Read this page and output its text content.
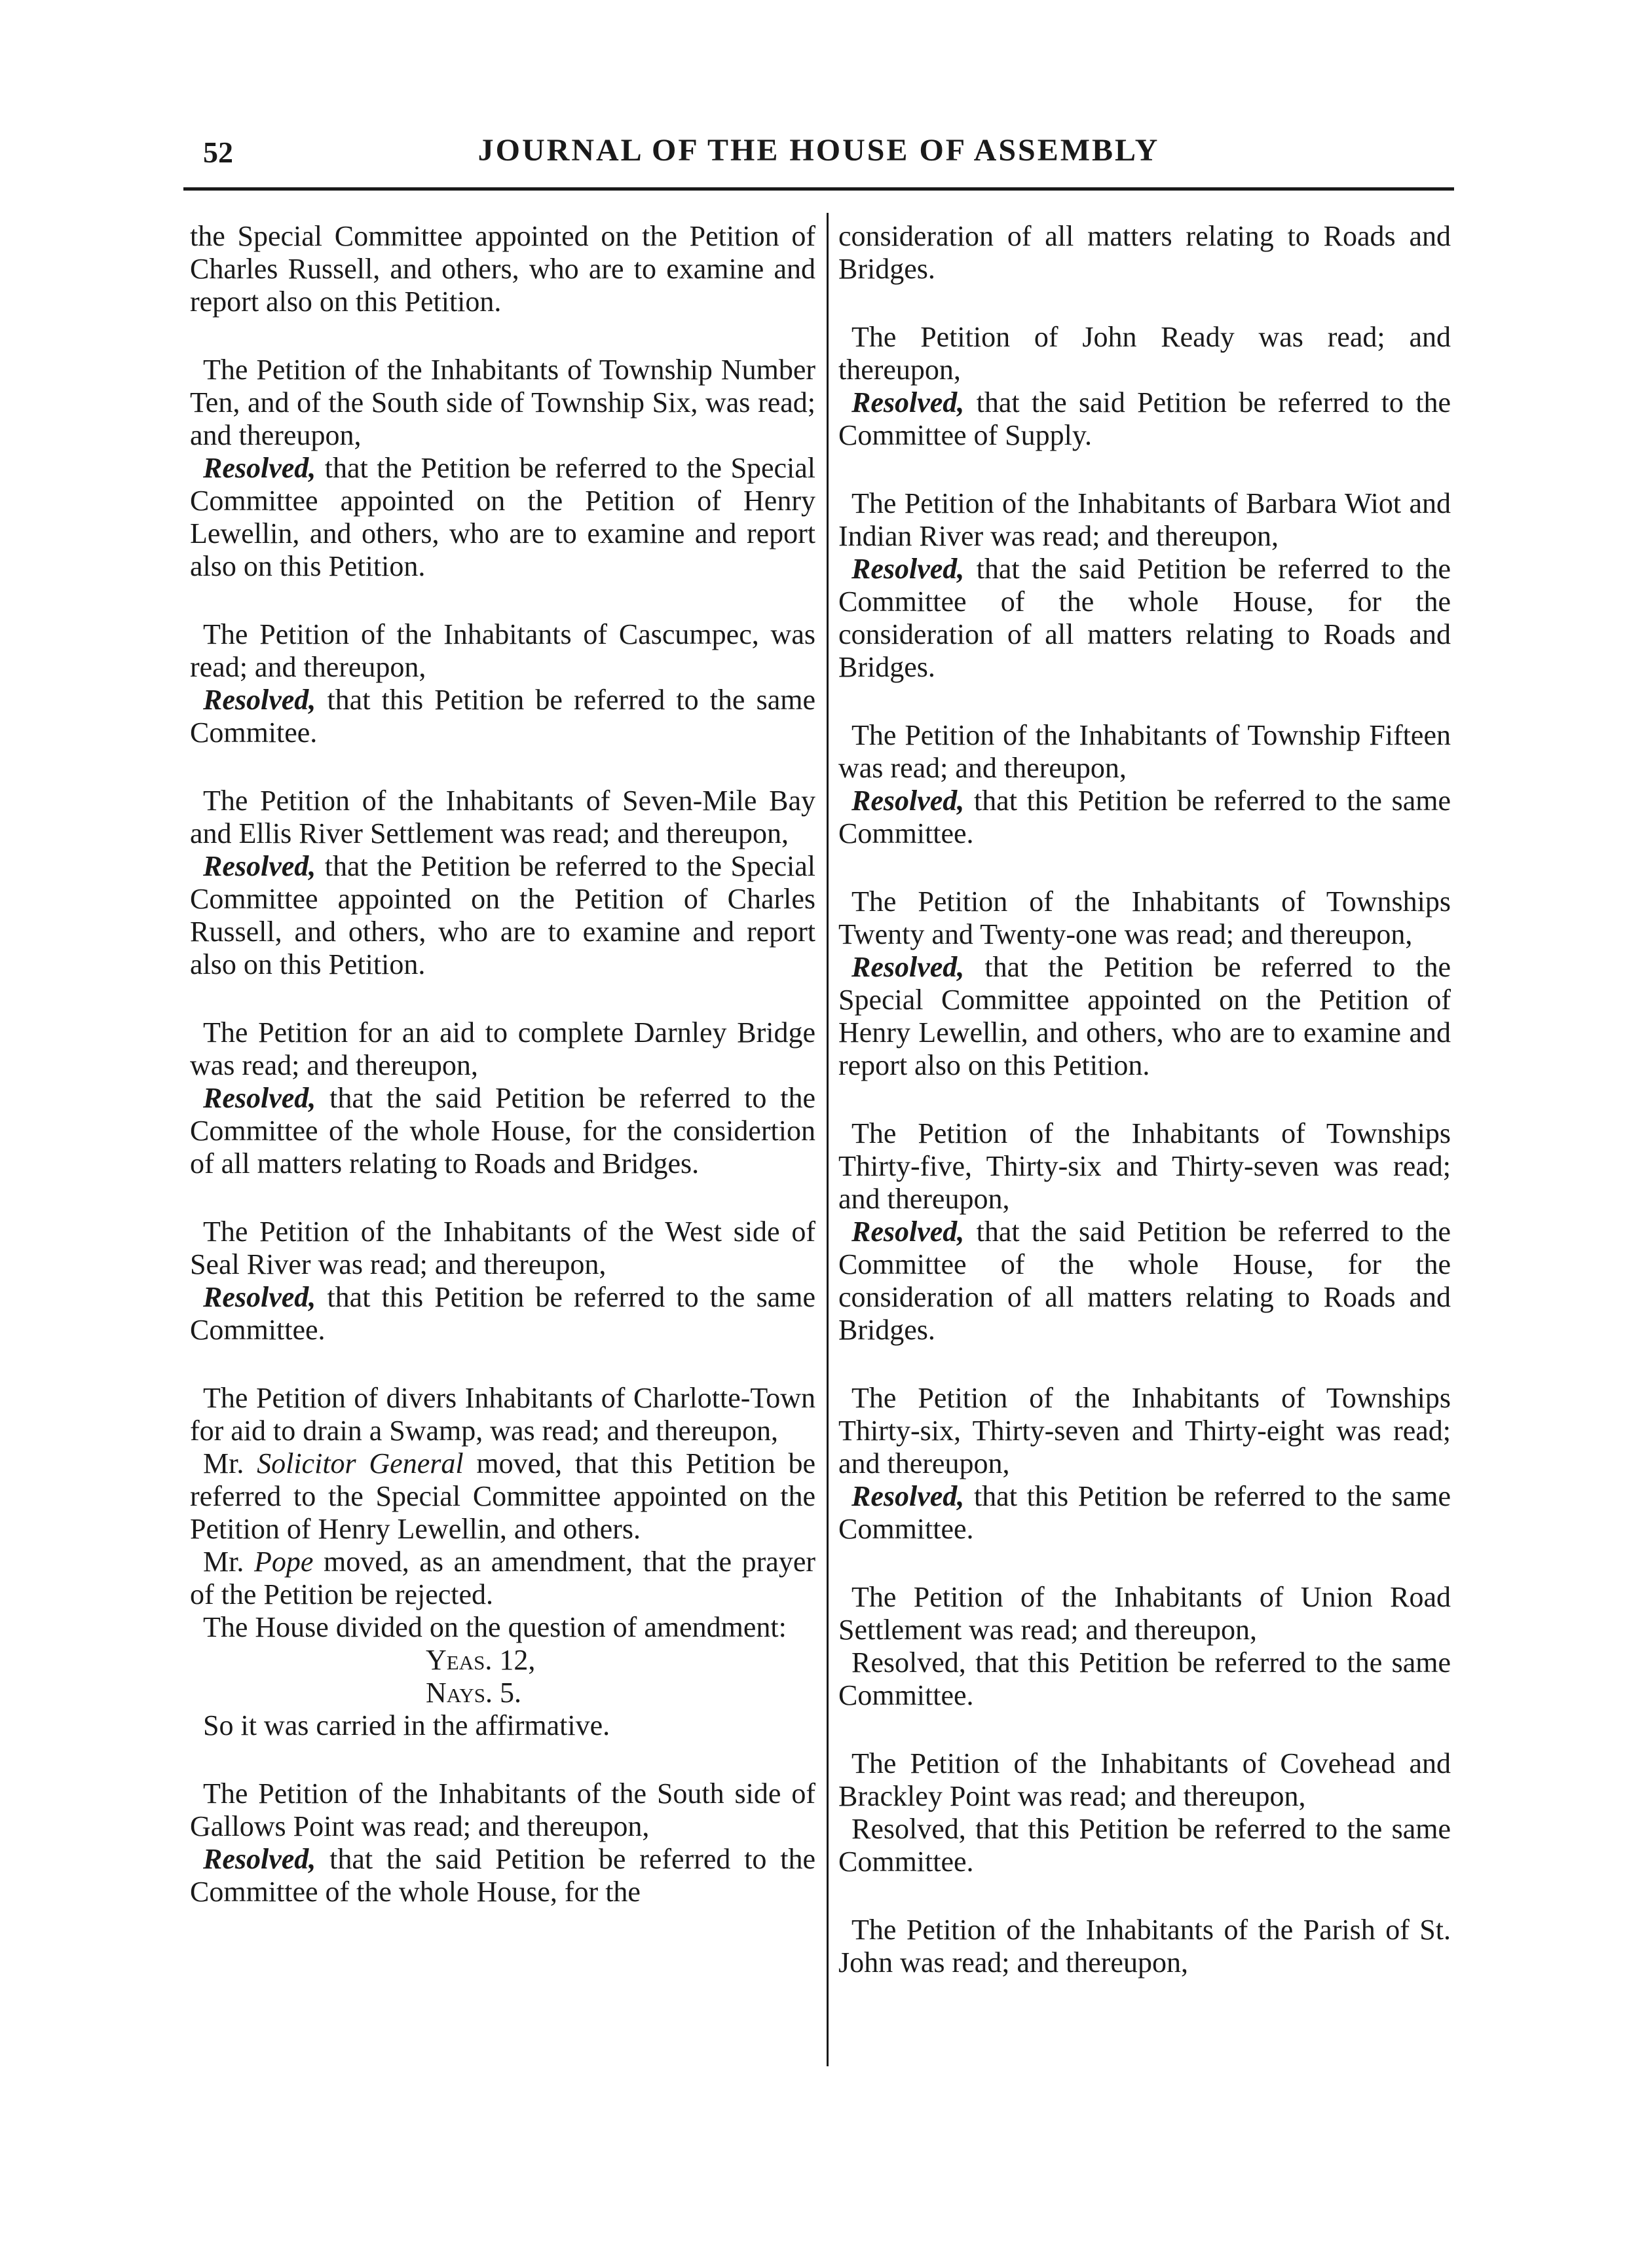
52	JOURNAL OF THE HOUSE OF ASSEMBLY

the Special Committee appointed on the Petition of Charles Russell, and others, who are to examine and report also on this Petition.

The Petition of the Inhabitants of Township Number Ten, and of the South side of Township Six, was read; and thereupon,

Resolved, that the Petition be referred to the Special Committee appointed on the Petition of Henry Lewellin, and others, who are to examine and report also on this Petition.

The Petition of the Inhabitants of Cascumpec, was read; and thereupon,

Resolved, that this Petition be referred to the same Commitee.

The Petition of the Inhabitants of Seven-Mile Bay and Ellis River Settlement was read; and thereupon,

Resolved, that the Petition be referred to the Special Committee appointed on the Petition of Charles Russell, and others, who are to examine and report also on this Petition.

The Petition for an aid to complete Darnley Bridge was read; and thereupon,

Resolved, that the said Petition be referred to the Committee of the whole House, for the considertion of all matters relating to Roads and Bridges.

The Petition of the Inhabitants of the West side of Seal River was read; and thereupon,

Resolved, that this Petition be referred to the same Committee.

The Petition of divers Inhabitants of Charlotte-Town for aid to drain a Swamp, was read; and thereupon,

Mr. Solicitor General moved, that this Petition be referred to the Special Committee appointed on the Petition of Henry Lewellin, and others.

Mr. Pope moved, as an amendment, that the prayer of the Petition be rejected.

The House divided on the question of amendment:

Yeas. 12,

Nays. 5.

So it was carried in the affirmative.

The Petition of the Inhabitants of the South side of Gallows Point was read; and thereupon,

Resolved, that the said Petition be referred to the Committee of the whole House, for the

consideration of all matters relating to Roads and Bridges.

The Petition of John Ready was read; and thereupon,

Resolved, that the said Petition be referred to the Committee of Supply.

The Petition of the Inhabitants of Barbara Wiot and Indian River was read; and thereupon,

Resolved, that the said Petition be referred to the Committee of the whole House, for the consideration of all matters relating to Roads and Bridges.

The Petition of the Inhabitants of Township Fifteen was read; and thereupon,

Resolved, that this Petition be referred to the same Committee.

The Petition of the Inhabitants of Townships Twenty and Twenty-one was read; and thereupon,

Resolved, that the Petition be referred to the Special Committee appointed on the Petition of Henry Lewellin, and others, who are to examine and report also on this Petition.

The Petition of the Inhabitants of Townships Thirty-five, Thirty-six and Thirty-seven was read; and thereupon,

Resolved, that the said Petition be referred to the Committee of the whole House, for the consideration of all matters relating to Roads and Bridges.

The Petition of the Inhabitants of Townships Thirty-six, Thirty-seven and Thirty-eight was read; and thereupon,

Resolved, that this Petition be referred to the same Committee.

The Petition of the Inhabitants of Union Road Settlement was read; and thereupon,

Resolved, that this Petition be referred to the same Committee.

The Petition of the Inhabitants of Covehead and Brackley Point was read; and thereupon,

Resolved, that this Petition be referred to the same Committee.

The Petition of the Inhabitants of the Parish of St. John was read; and thereupon,
